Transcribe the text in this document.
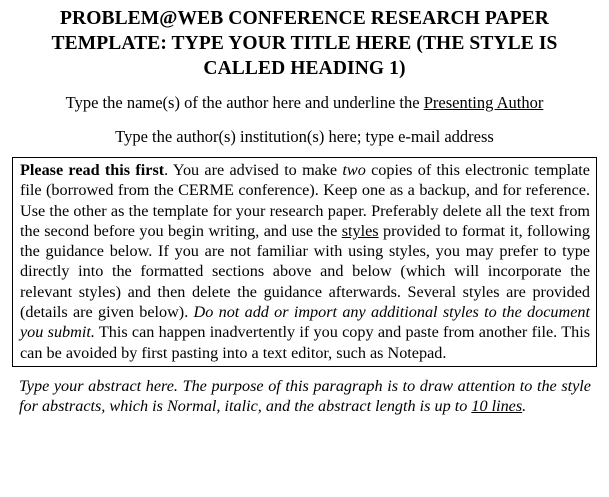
PROBLEM@WEB CONFERENCE RESEARCH PAPER TEMPLATE: TYPE YOUR TITLE HERE (THE STYLE IS CALLED HEADING 1)
Type the name(s) of the author here and underline the Presenting Author
Type the author(s) institution(s) here; type e-mail address
Please read this first. You are advised to make two copies of this electronic template file (borrowed from the CERME conference). Keep one as a backup, and for reference. Use the other as the template for your research paper. Preferably delete all the text from the second before you begin writing, and use the styles provided to format it, following the guidance below. If you are not familiar with using styles, you may prefer to type directly into the formatted sections above and below (which will incorporate the relevant styles) and then delete the guidance afterwards. Several styles are provided (details are given below). Do not add or import any additional styles to the document you submit. This can happen inadvertently if you copy and paste from another file. This can be avoided by first pasting into a text editor, such as Notepad.
Type your abstract here. The purpose of this paragraph is to draw attention to the style for abstracts, which is Normal, italic, and the abstract length is up to 10 lines.
